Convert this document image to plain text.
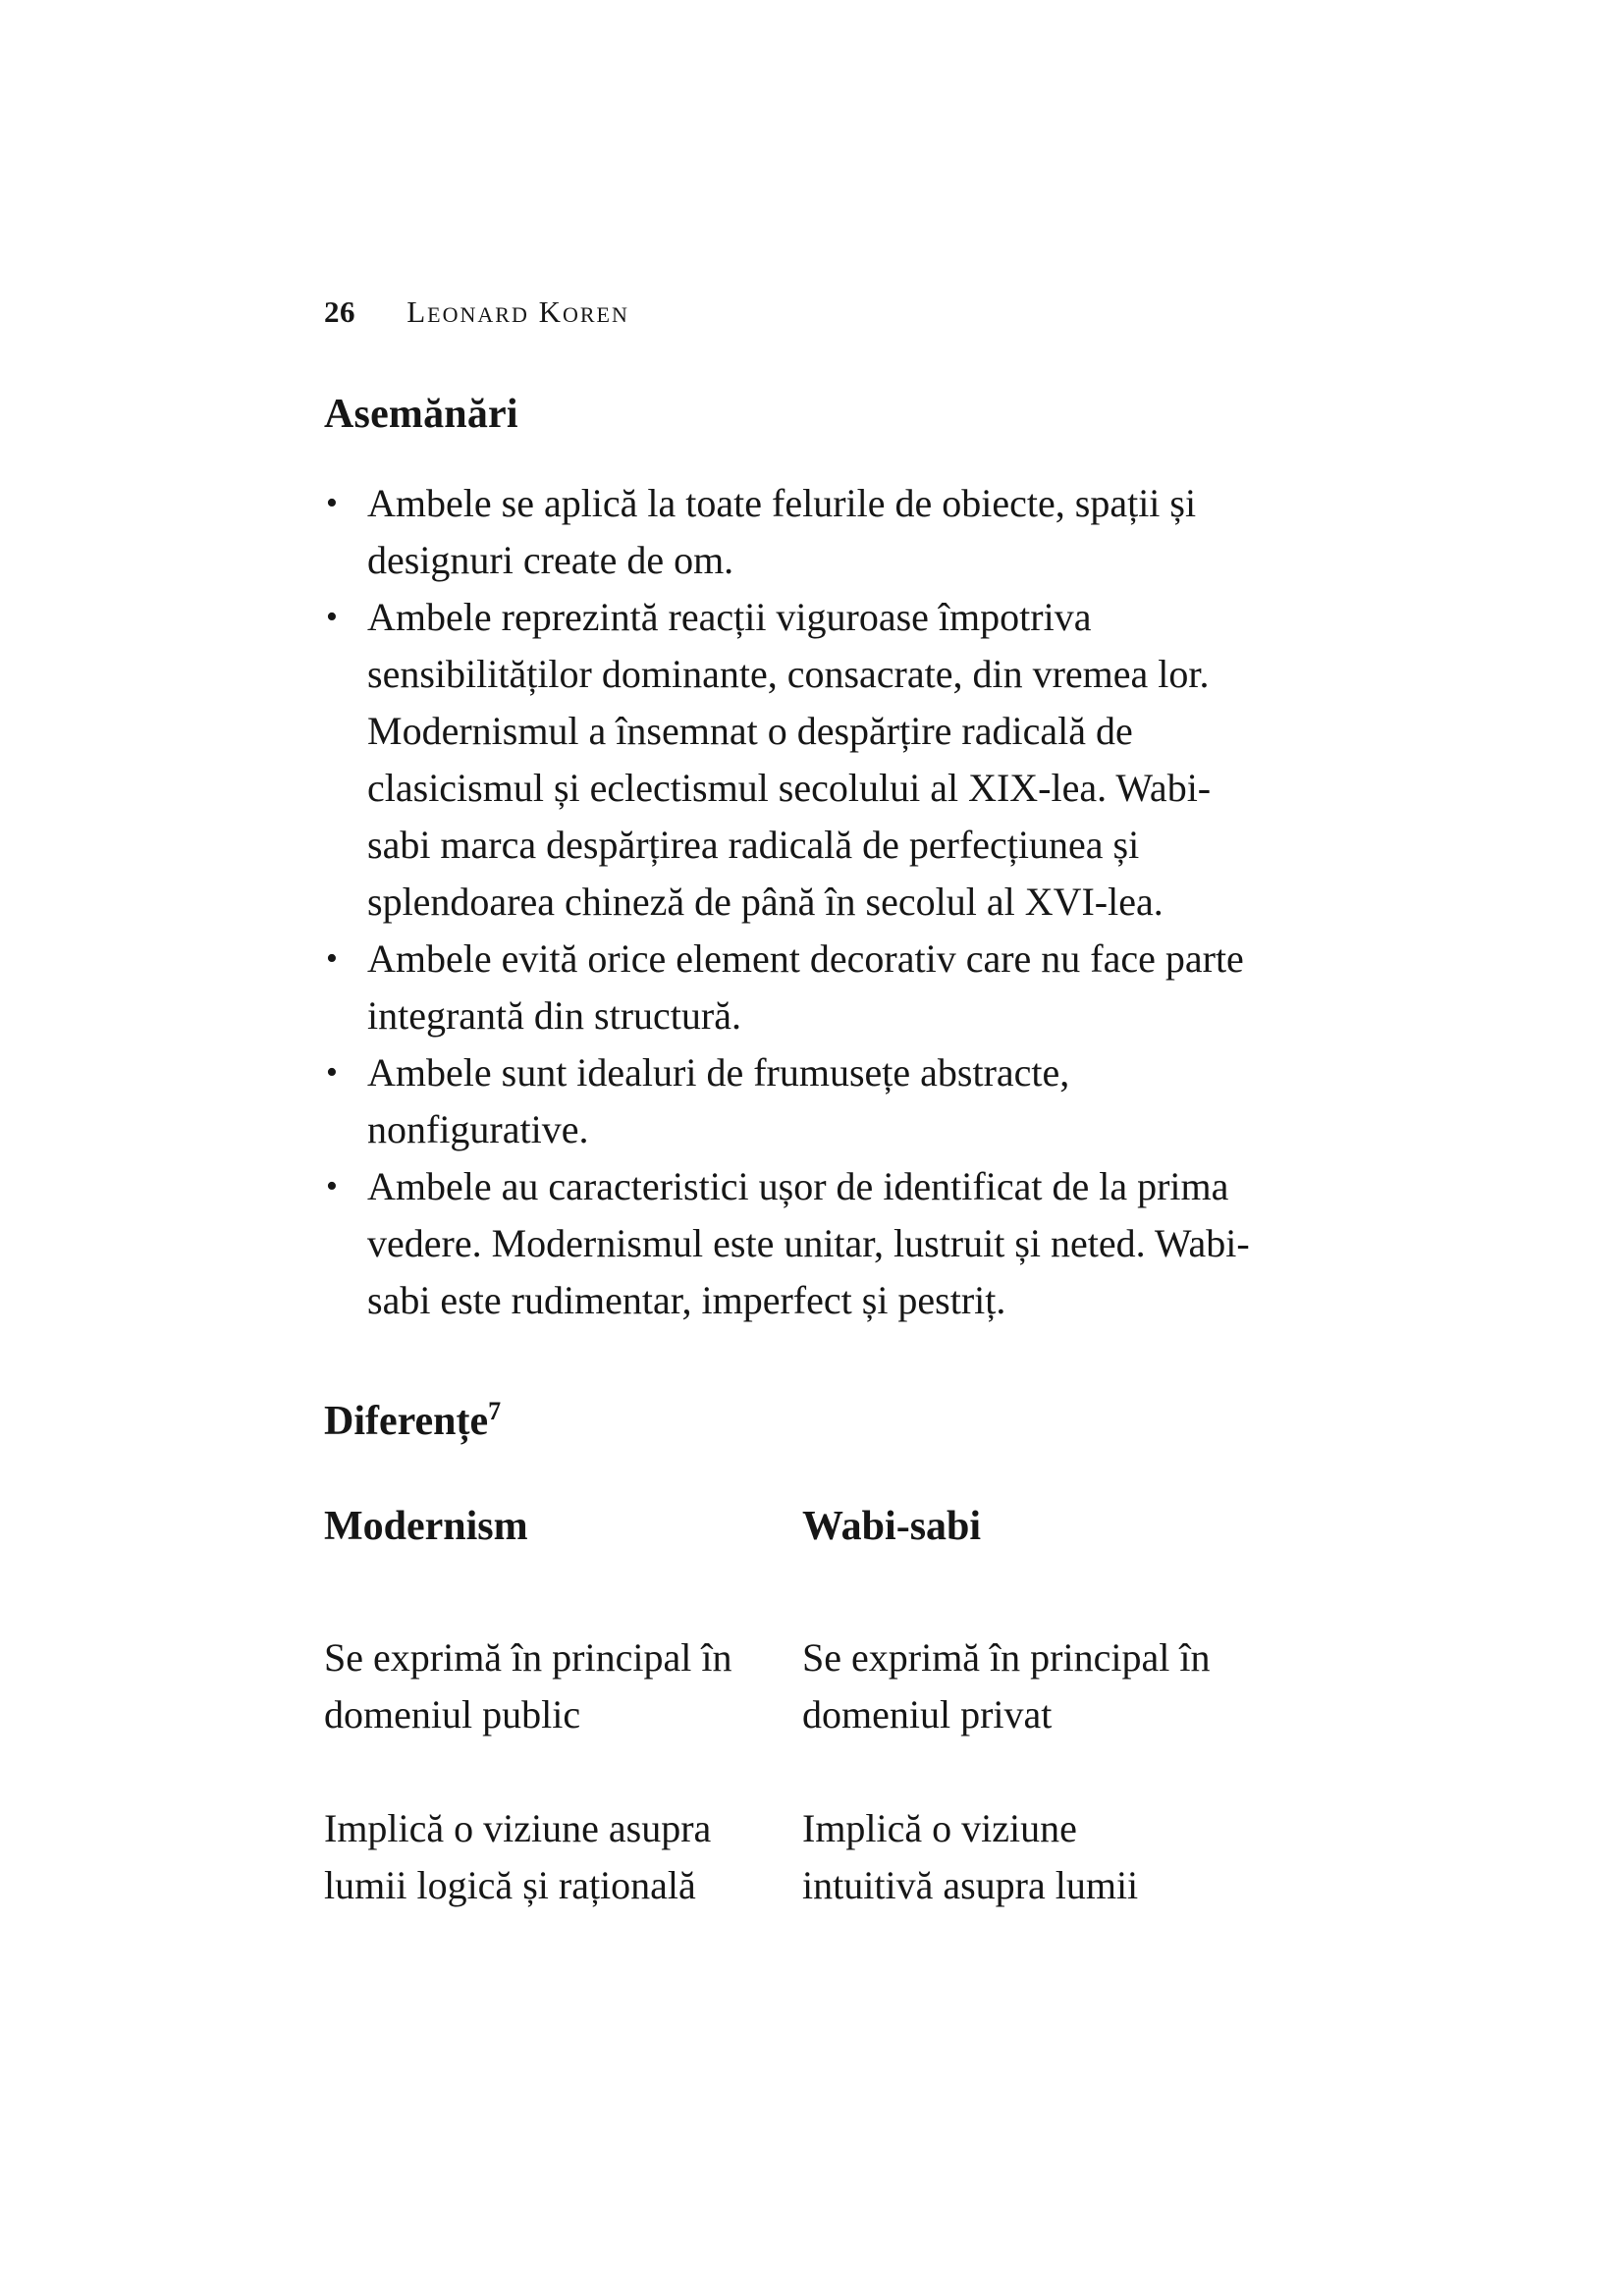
26 Leonard Koren
Asemănări
• Ambele se aplică la toate felurile de obiecte, spații și designuri create de om.
• Ambele reprezintă reacții viguroase împotriva sensibilităților dominante, consacrate, din vremea lor. Modernismul a însemnat o despărțire radicală de clasicismul și eclectismul secolului al XIX-lea. Wabi-sabi marca despărțirea radicală de perfecțiunea și splendoarea chineză de până în secolul al XVI-lea.
• Ambele evită orice element decorativ care nu face parte integrantă din structură.
• Ambele sunt idealuri de frumusețe abstracte, nonfigurative.
• Ambele au caracteristici ușor de identificat de la prima vedere. Modernismul este unitar, lustruit și neted. Wabi-sabi este rudimentar, imperfect și pestriț.
Diferențe$^7$
Modernism	Wabi-sabi
Se exprimă în principal în domeniul public
Se exprimă în principal în domeniul privat
Implică o viziune asupra lumii logică și rațională
Implică o viziune intuitivă asupra lumii
